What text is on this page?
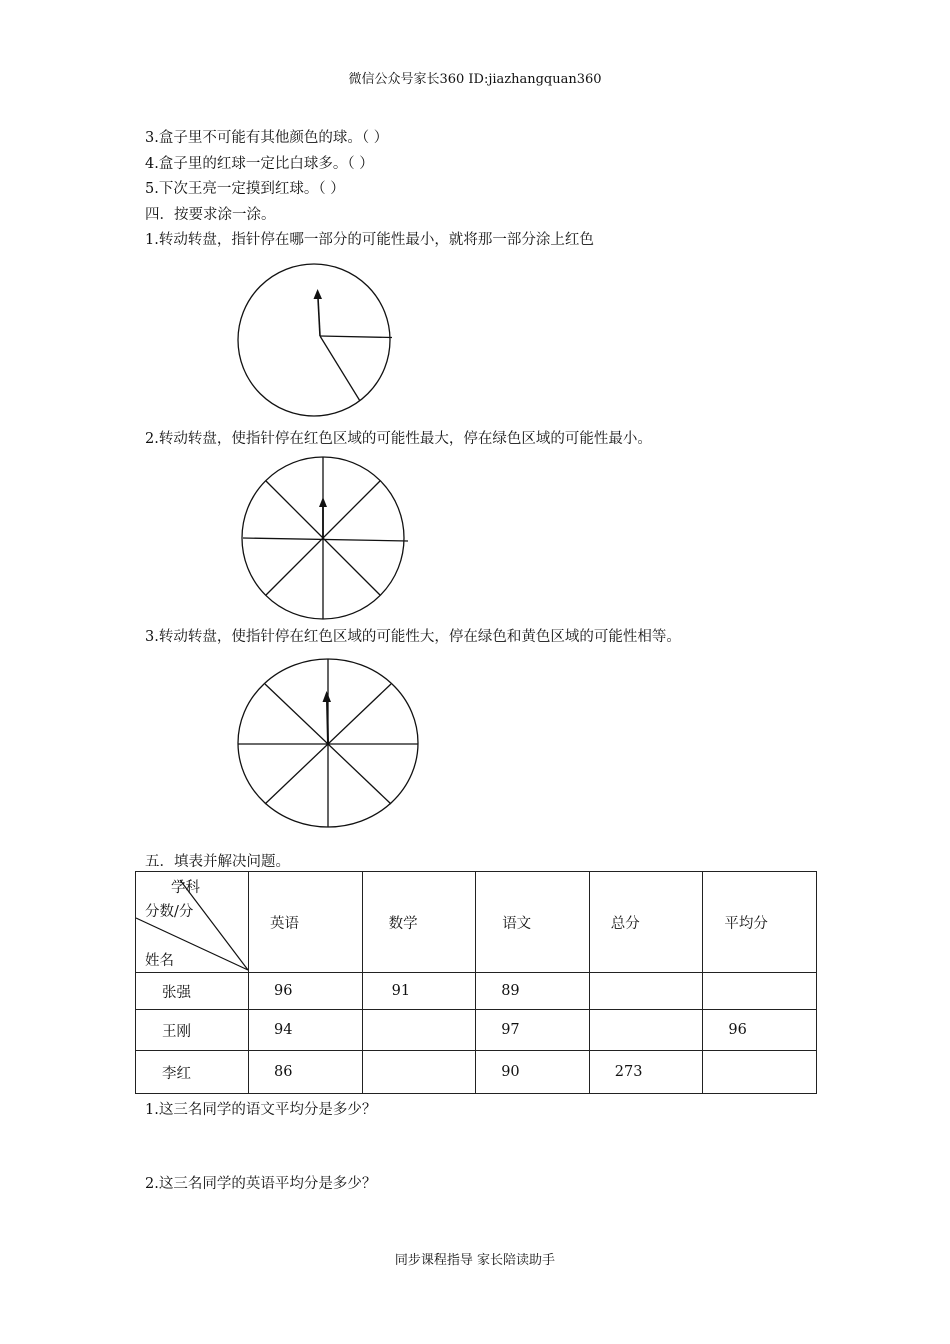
微信公众号家长360 ID:jiazhangquan360
3.盒子里不可能有其他颜色的球。（ ）
4.盒子里的红球一定比白球多。（ ）
5.下次王亮一定摸到红球。（ ）
四．按要求涂一涂。
1.转动转盘，指针停在哪一部分的可能性最小，就将那一部分涂上红色
2.转动转盘，使指针停在红色区域的可能性最大，停在绿色区域的可能性最小。
3.转动转盘，使指针停在红色区域的可能性大，停在绿色和黄色区域的可能性相等。
五．填表并解决问题。
学科
分数/分
姓名	英语	数学	语文	总分	平均分
张强	96	91	89		
王刚	94		97		96
李红	86		90	273	
1.这三名同学的语文平均分是多少？
2.这三名同学的英语平均分是多少？
同步课程指导 家长陪读助手
